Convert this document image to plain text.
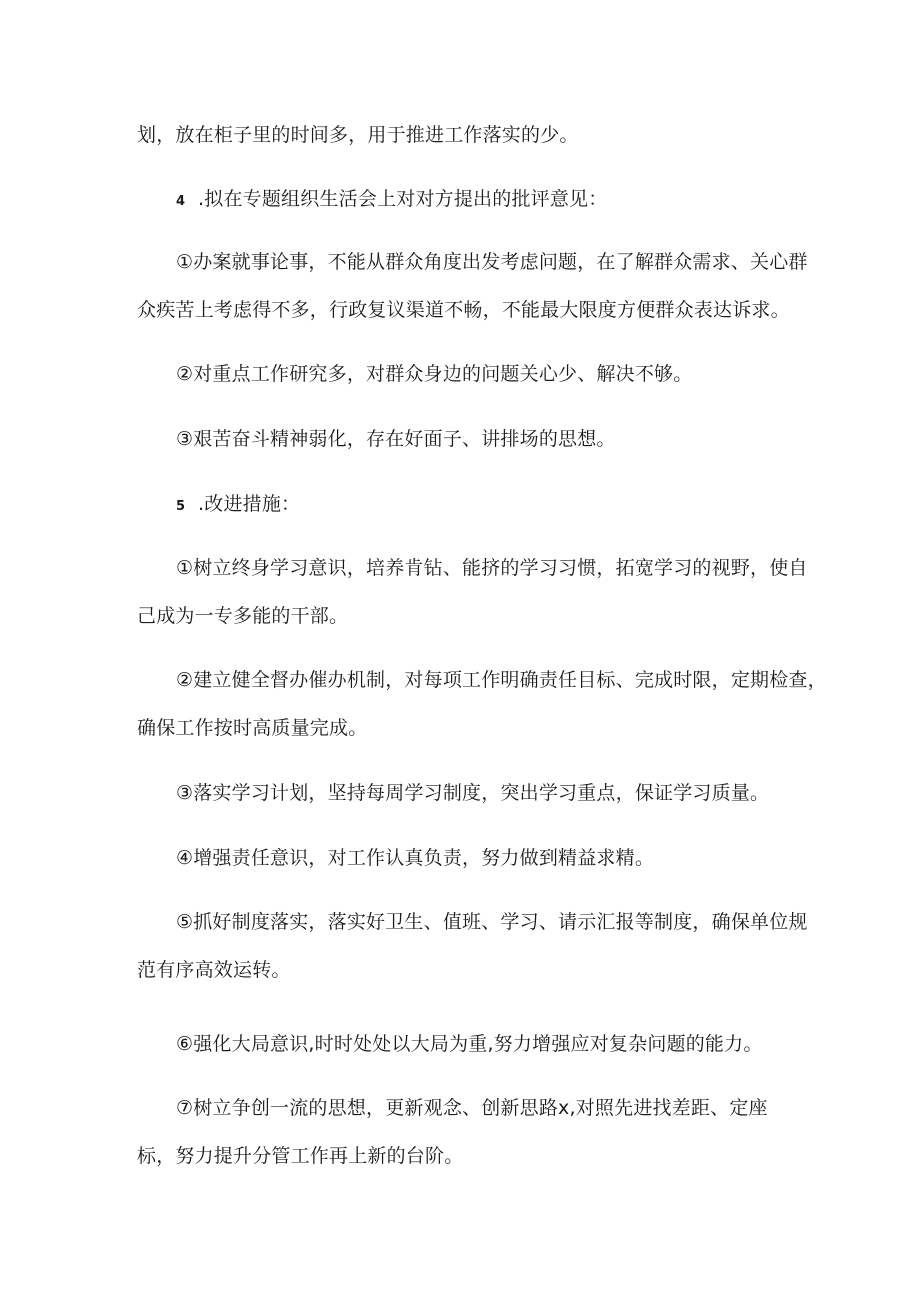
划，放在柜子里的时间多，用于推进工作落实的少。
4 .拟在专题组织生活会上对对方提出的批评意见：
①办案就事论事，不能从群众角度出发考虑问题，在了解群众需求、关心群
众疾苦上考虑得不多，行政复议渠道不畅，不能最大限度方便群众表达诉求。
②对重点工作研究多，对群众身边的问题关心少、解决不够。
③艰苦奋斗精神弱化，存在好面子、讲排场的思想。
5 .改进措施：
①树立终身学习意识，培养肯钻、能挤的学习习惯，拓宽学习的视野，使自
己成为一专多能的干部。
②建立健全督办催办机制，对每项工作明确责任目标、完成时限，定期检查，
确保工作按时高质量完成。
③落实学习计划，坚持每周学习制度，突出学习重点，保证学习质量。
④增强责任意识，对工作认真负责，努力做到精益求精。
⑤抓好制度落实，落实好卫生、值班、学习、请示汇报等制度，确保单位规
范有序高效运转。
⑥强化大局意识,时时处处以大局为重,努力增强应对复杂问题的能力。
⑦树立争创一流的思想，更新观念、创新思路x,对照先进找差距、定座
标，努力提升分管工作再上新的台阶。
